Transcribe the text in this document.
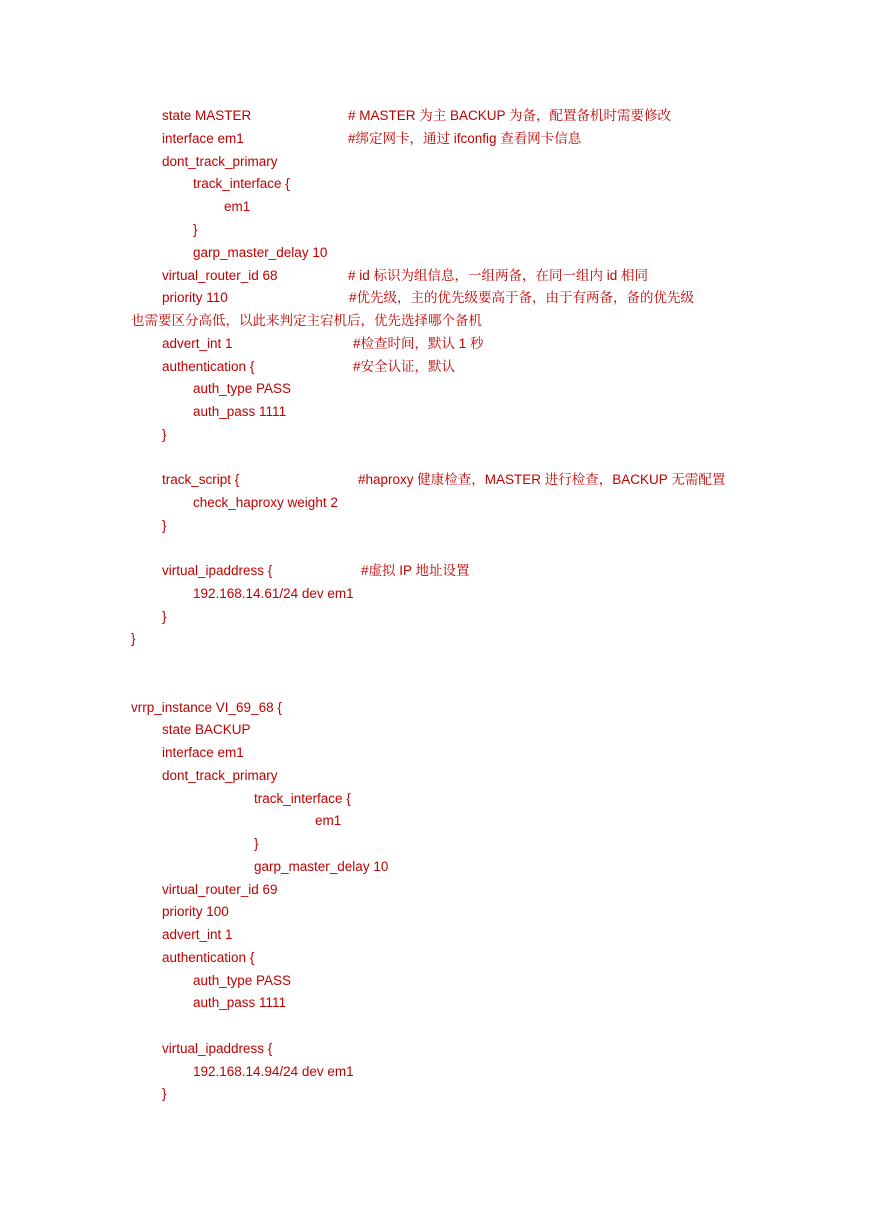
state MASTER	# MASTER 为主 BACKUP 为备，配置备机时需要修改
interface em1	#绑定网卡，通过 ifconfig 查看网卡信息
dont_track_primary
track_interface {
em1
}
garp_master_delay 10
virtual_router_id 68	# id 标识为组信息，一组两备，在同一组内 id 相同
priority 110	#优先级，主的优先级要高于备，由于有两备，备的优先级
也需要区分高低，以此来判定主宕机后，优先选择哪个备机
advert_int 1	#检查时间，默认 1 秒
authentication {	#安全认证，默认
auth_type PASS
auth_pass 1111
}
track_script {	#haproxy 健康检查，MASTER 进行检查，BACKUP 无需配置
check_haproxy weight 2
}
virtual_ipaddress {	#虚拟 IP 地址设置
192.168.14.61/24 dev em1
}
}
vrrp_instance VI_69_68 {
state BACKUP
interface em1
dont_track_primary
track_interface {
em1
}
garp_master_delay 10
virtual_router_id 69
priority 100
advert_int 1
authentication {
auth_type PASS
auth_pass 1111
virtual_ipaddress {
192.168.14.94/24 dev em1
}
